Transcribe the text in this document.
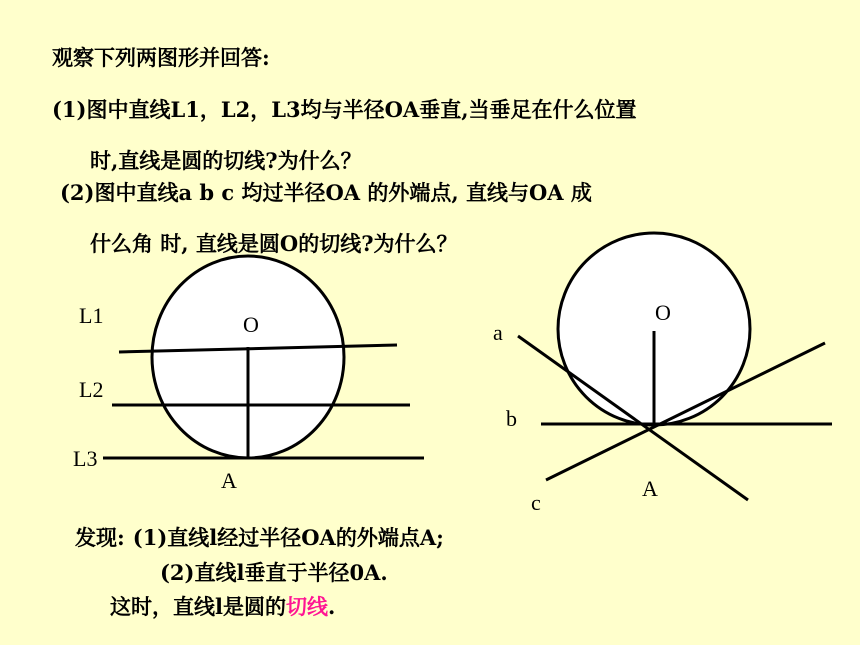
观察下列两图形并回答:
(1)图中直线L1，L2，L3均与半径OA垂直,当垂足在什么位置
时,直线是圆的切线?为什么？
(2)图中直线a b c 均过半径OA 的外端点, 直线与OA 成
什么角 时, 直线是圆O的切线?为什么？
O
A
L1
L2
L3
O
A
a
b
c
发现: (1)直线l经过半径OA的外端点A;
(2)直线l垂直于半径0A.
这时，直线l是圆的切线.
